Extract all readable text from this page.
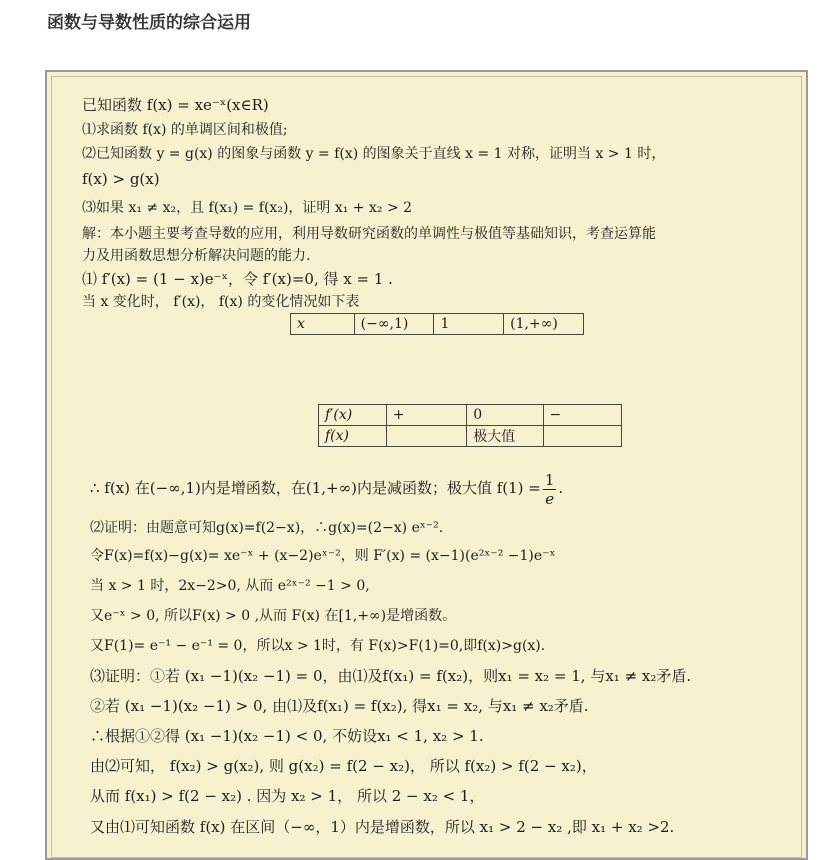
函数与导数性质的综合运用
已知函数 f(x) = xe⁻ˣ(x∈R)
⑴求函数 f(x) 的单调区间和极值;
⑵已知函数 y = g(x) 的图象与函数 y = f(x) 的图象关于直线 x = 1 对称，证明当 x > 1 时，
f(x) > g(x)
⑶如果 x₁ ≠ x₂，且 f(x₁) = f(x₂)，证明 x₁ + x₂ > 2
解：本小题主要考查导数的应用，利用导数研究函数的单调性与极值等基础知识，考查运算能
力及用函数思想分析解决问题的能力.
⑴ f′(x) = (1 − x)e⁻ˣ，令 f′(x)=0, 得 x = 1 .
当 x 变化时， f′(x)， f(x) 的变化情况如下表
x	(−∞,1)	1	(1,+∞)
f′(x)	+	0	−
f(x)		极大值	
∴ f(x) 在(−∞,1)内是增函数，在(1,+∞)内是减函数；极大值 $f(1) = \frac{1}{e}$ .
⑵证明：由题意可知g(x)=f(2−x)，∴g(x)=(2−x) eˣ⁻².
令F(x)=f(x)−g(x)= xe⁻ˣ + (x−2)eˣ⁻²，则 F′(x) = (x−1)(e²ˣ⁻² −1)e⁻ˣ
当 x > 1 时，2x−2>0, 从而 e²ˣ⁻² −1 > 0,
又e⁻ˣ > 0, 所以F(x) > 0 ,从而 F(x) 在[1,+∞)是增函数。
又F(1)= e⁻¹ − e⁻¹ = 0，所以x > 1时，有 F(x)>F(1)=0,即f(x)>g(x).
⑶证明：①若 (x₁ −1)(x₂ −1) = 0，由⑴及f(x₁) = f(x₂)，则x₁ = x₂ = 1, 与x₁ ≠ x₂矛盾.
②若 (x₁ −1)(x₂ −1) > 0, 由⑴及f(x₁) = f(x₂), 得x₁ = x₂, 与x₁ ≠ x₂矛盾.
∴根据①②得 (x₁ −1)(x₂ −1) < 0, 不妨设x₁ < 1, x₂ > 1.
由⑵可知， f(x₂) > g(x₂), 则 g(x₂) = f(2 − x₂)， 所以 f(x₂) > f(2 − x₂)，
从而 f(x₁) > f(2 − x₂) . 因为 x₂ > 1， 所以 2 − x₂ < 1，
又由⑴可知函数 f(x) 在区间（−∞，1）内是增函数，所以 x₁ > 2 − x₂ ,即 x₁ + x₂ >2.
